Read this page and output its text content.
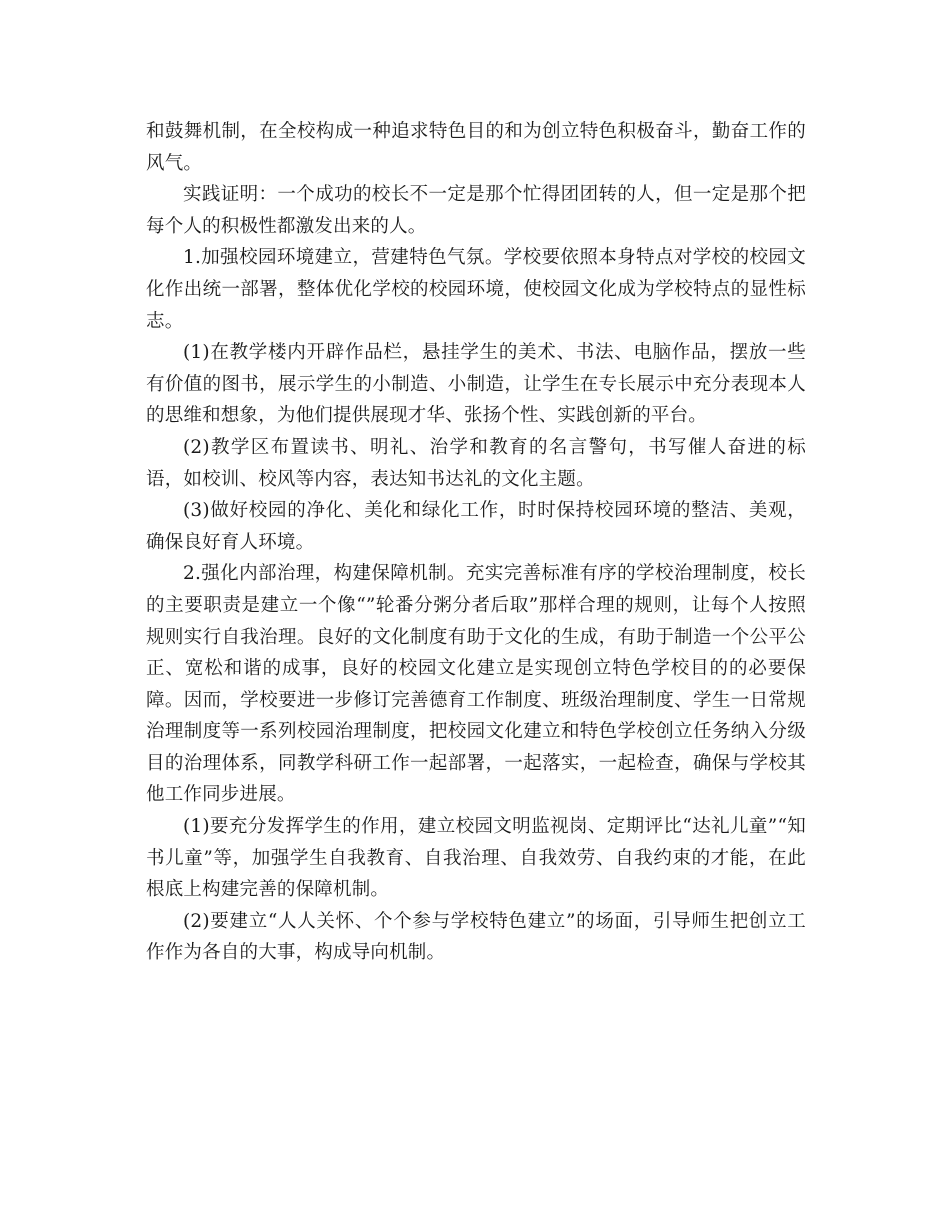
和鼓舞机制，在全校构成一种追求特色目的和为创立特色积极奋斗，勤奋工作的风气。

实践证明：一个成功的校长不一定是那个忙得团团转的人，但一定是那个把每个人的积极性都激发出来的人。

1.加强校园环境建立，营建特色气氛。学校要依照本身特点对学校的校园文化作出统一部署，整体优化学校的校园环境，使校园文化成为学校特点的显性标志。

(1)在教学楼内开辟作品栏，悬挂学生的美术、书法、电脑作品，摆放一些有价值的图书，展示学生的小制造、小制造，让学生在专长展示中充分表现本人的思维和想象，为他们提供展现才华、张扬个性、实践创新的平台。

(2)教学区布置读书、明礼、治学和教育的名言警句，书写催人奋进的标语，如校训、校风等内容，表达知书达礼的文化主题。

(3)做好校园的净化、美化和绿化工作，时时保持校园环境的整洁、美观，确保良好育人环境。

2.强化内部治理，构建保障机制。充实完善标准有序的学校治理制度，校长的主要职责是建立一个像“”轮番分粥分者后取”那样合理的规则，让每个人按照规则实行自我治理。良好的文化制度有助于文化的生成，有助于制造一个公平公正、宽松和谐的成事，良好的校园文化建立是实现创立特色学校目的的必要保障。因而，学校要进一步修订完善德育工作制度、班级治理制度、学生一日常规治理制度等一系列校园治理制度，把校园文化建立和特色学校创立任务纳入分级目的治理体系，同教学科研工作一起部署，一起落实，一起检查，确保与学校其他工作同步进展。

(1)要充分发挥学生的作用，建立校园文明监视岗、定期评比“达礼儿童”“知书儿童”等，加强学生自我教育、自我治理、自我效劳、自我约束的才能，在此根底上构建完善的保障机制。

(2)要建立“人人关怀、个个参与学校特色建立”的场面，引导师生把创立工作作为各自的大事，构成导向机制。
